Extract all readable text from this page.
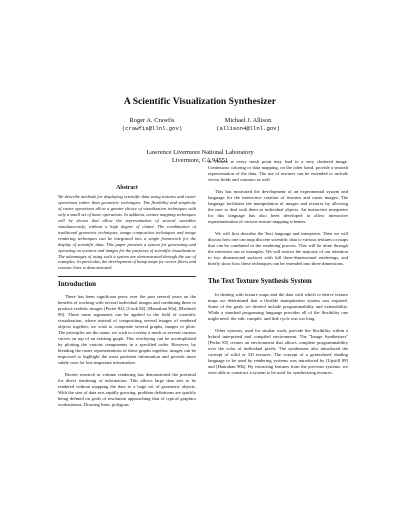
A Scientific Visualization Synthesizer
Roger A. Crawfis
(crawfis@llnl.gov)
Michael J. Allison
(allison4@llnl.gov)
Lawrence Livermore National Laboratory
Livermore, CA 94551
Abstract
We describe methods for displaying scientific data using textures and raster operations rather than geometric techniques. The flexibility and simplicity of raster operations allow a greater choice of visualization techniques with only a small set of basic operations. In addition, texture mapping techniques will be shown that allow the representation of several variables simultaneously, without a high degree of clutter. The combination of traditional geometric techniques, image composition techniques and image rendering techniques can be integrated into a single framework for the display of scientific data. This paper presents a system for generating and operating on textures and images for the purposes of scientific visualization. The advantages of using such a system are demonstrated through the use of examples. In particular, the development of bump maps for vector filters and contour lines is demonstrated.
Introduction

There has been significant press over the past several years on the benefits of working with several individual images and combining these to produce realistic images [Porter 84], [Cook 84], [Hanrahan 90a], [Haeberli 90]. These same arguments can be applied to the field of scientific visualization, where instead of compositing several images of rendered objects together, we wish to composite several graphs, images or plots. The principles are the same; we wish to overlay a mesh or several contour curves on top of an existing graph. This overlaying can be accomplished by plotting the various components in a specified order. However, by blending the raster representations of these graphs together, images can be improved to highlight the most pertinent information and provide more subtle cues for less important information.

Recent research in volume rendering has demonstrated the potential for direct rendering of information. This allows large data sets to be rendered without mapping the data to a large set of geometric objects. With the size of data sets rapidly growing, problem definitions are quickly being defined on grids of resolution approaching that of typical graphics workstations. Drawing lines, polygons

or vectors at every mesh point may lead to a very cluttered image. Continuous coloring or data mapping, on the other hand, provide a smooth representation of the data. The use of textures can be extended to include vector fields and contours as well.

This has motivated the development of an experimental system and language for the interactive creation of textures and raster images. The language facilitates the manipulation of images and textures by allowing the user to deal with them as individual objects. An interactive interpreter for this language has also been developed to allow interactive experimentation of various texture mapping schemes.

We will first describe the Text language and interpreter. Then we will discuss how one can map discrete scientific data to various textures or maps that can be combined in the rendering process. This will be done through the extensive use of examples. We will restrict the majority of our attention to two dimensional surfaces with full three-dimensional renderings, and briefly show how these techniques can be extended into three dimensions.

The Text Texture Synthesis System

In dealing with texture maps and the data with which to derive texture maps we determined that a flexible manipulation system was required. Some of the goals we desired include programmability and extensibility. While a standard programing language provides all of the flexibility one might need, the edit, compile, and link cycle was too long.

Other systems, used for similar work, provide the flexibility within a hybrid interpreted and compiled environment. The "Image Synthesizer" [Perlin 85] creates an environment that allows complete programmability over the color of individual pixels. The synthesizer also introduced the concept of solid or 3D textures. The concept of a generalized shading language to be used by rendering systems was introduced by [Upstill 89] and [Hanrahan 90b]. By extracting features from the previous systems, we were able to construct a system to be used for synthesizing textures.
